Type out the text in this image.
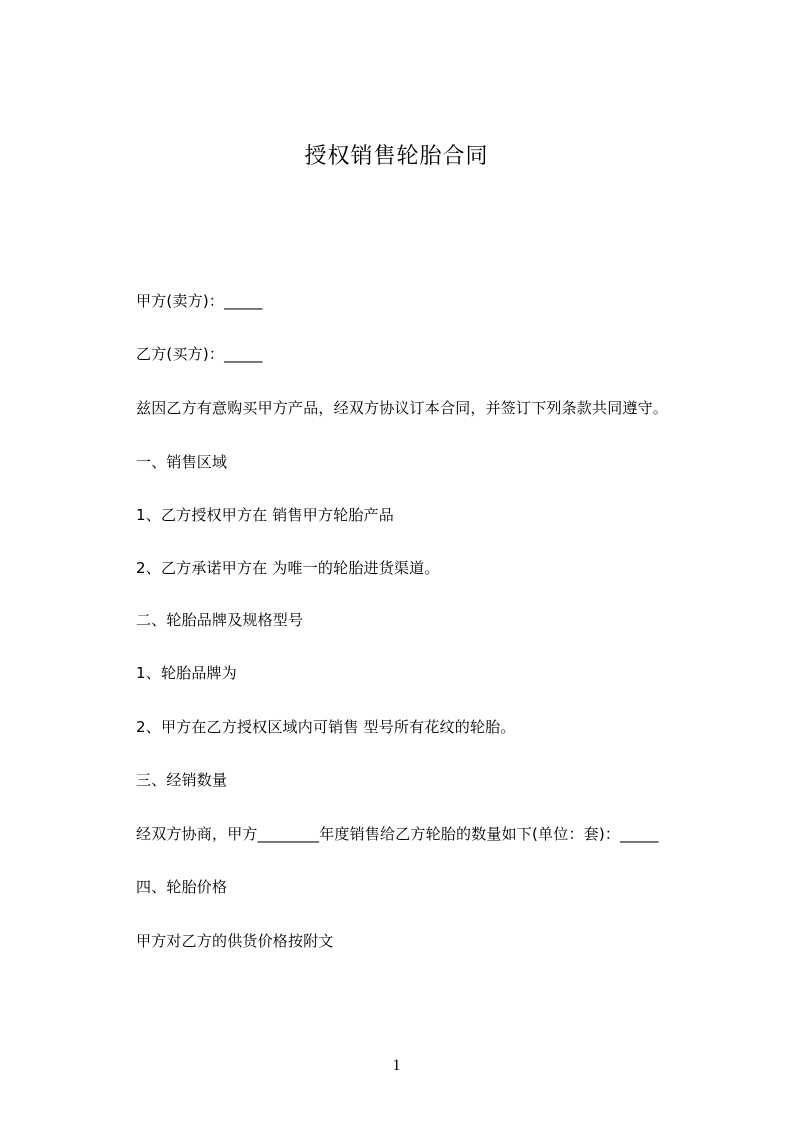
授权销售轮胎合同
甲方(卖方)：_____
乙方(买方)：_____
兹因乙方有意购买甲方产品，经双方协议订本合同，并签订下列条款共同遵守。
一、销售区域
1、乙方授权甲方在 销售甲方轮胎产品
2、乙方承诺甲方在 为唯一的轮胎进货渠道。
二、轮胎品牌及规格型号
1、轮胎品牌为
2、甲方在乙方授权区域内可销售 型号所有花纹的轮胎。
三、经销数量
经双方协商，甲方________年度销售给乙方轮胎的数量如下(单位：套)：_____
四、轮胎价格
甲方对乙方的供货价格按附文
1
